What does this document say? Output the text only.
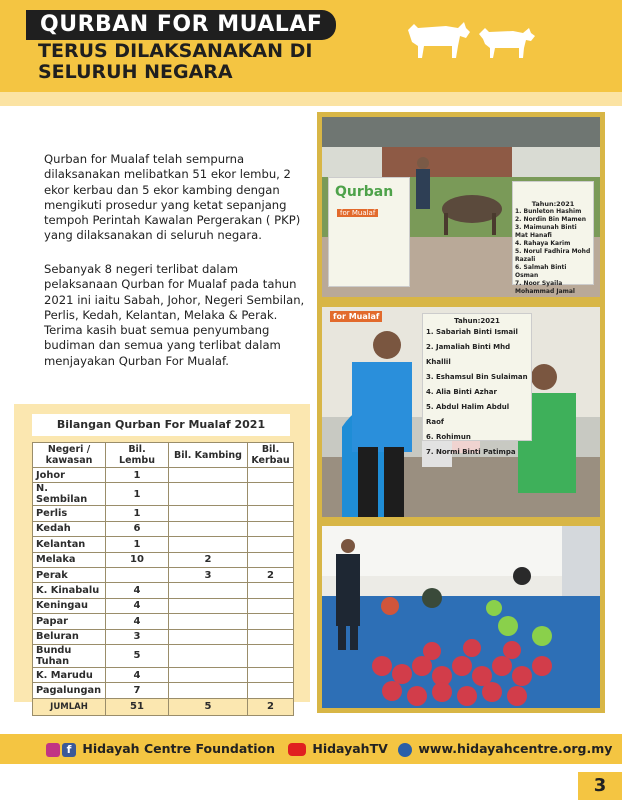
QURBAN FOR MUALAF
TERUS DILAKSANAKAN DI
SELURUH NEGARA
Qurban for Mualaf telah sempurna dilaksanakan melibatkan 51 ekor lembu, 2 ekor kerbau dan 5 ekor kambing dengan mengikuti prosedur yang ketat sepanjang tempoh Perintah Kawalan Pergerakan ( PKP) yang dilaksanakan di seluruh negara.
Sebanyak 8 negeri terlibat dalam pelaksanaan Qurban for Mualaf pada tahun 2021 ini iaitu Sabah, Johor, Negeri Sembilan, Perlis, Kedah, Kelantan, Melaka & Perak. Terima kasih buat semua penyumbang budiman dan semua yang terlibat dalam menjayakan Qurban For Mualaf.
Bilangan Qurban For Mualaf 2021
Negeri / kawasan	Bil. Lembu	Bil. Kambing	Bil. Kerbau
Johor	1		
N. Sembilan	1		
Perlis	1		
Kedah	6		
Kelantan	1		
Melaka	10	2	
Perak		3	2
K. Kinabalu	4		
Keningau	4		
Papar	4		
Beluran	3		
Bundu Tuhan	5		
K. Marudu	4		
Pagalungan	7		
JUMLAH	51	5	2
Qurban
for Mualaf
Tahun:2021
1. Bunleton Hashim
2. Nordin Bin Mamen
3. Maimunah Binti Mat Hanafi
4. Rahaya Karim
5. Norul Fadhira Mohd Razali
6. Salmah Binti Osman
7. Noor Syaila Mohammad Jamal
Tahun:2021
1. Sabariah Binti Ismail
2. Jamaliah Binti Mhd Khallil
3. Eshamsul Bin Sulaiman
4. Alia Binti Azhar
5. Abdul Halim Abdul Raof
6. Rohimun
7. Normi Binti Patimpa
for Mualaf
f Hidayah Centre Foundation	HidayahTV	www.hidayahcentre.org.my
3
